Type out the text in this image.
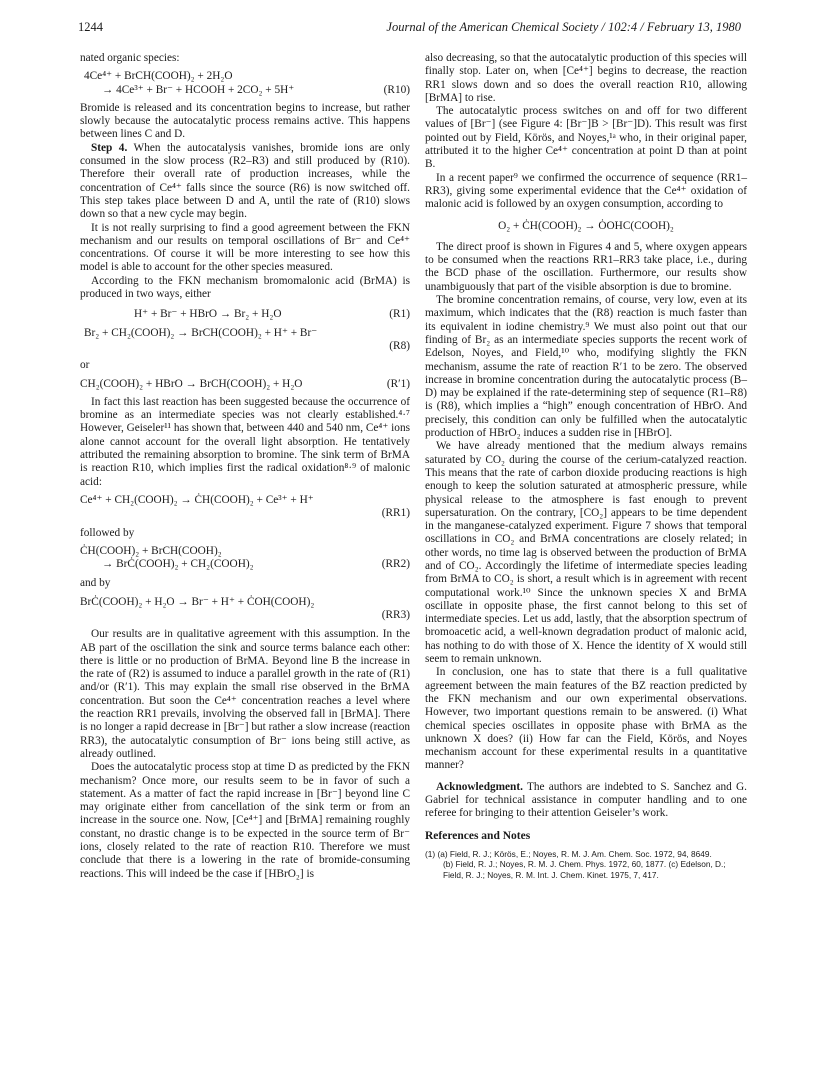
1244	Journal of the American Chemical Society / 102:4 / February 13, 1980

nated organic species:

4Ce⁴⁺ + BrCH(COOH)₂ + 2H₂O
→ 4Ce³⁺ + Br⁻ + HCOOH + 2CO₂ + 5H⁺	(R10)

Bromide is released and its concentration begins to increase, but rather slowly because the autocatalytic process remains active. This happens between lines C and D.

Step 4. When the autocatalysis vanishes, bromide ions are only consumed in the slow process (R2–R3) and still produced by (R10). Therefore their overall rate of production increases, while the concentration of Ce⁴⁺ falls since the source (R6) is now switched off. This step takes place between D and A, until the rate of (R10) slows down so that a new cycle may begin.

It is not really surprising to find a good agreement between the FKN mechanism and our results on temporal oscillations of Br⁻ and Ce⁴⁺ concentrations. Of course it will be more interesting to see how this model is able to account for the other species measured.

According to the FKN mechanism bromomalonic acid (BrMA) is produced in two ways, either

H⁺ + Br⁻ + HBrO → Br₂ + H₂O	(R1)
Br₂ + CH₂(COOH)₂ → BrCH(COOH)₂ + H⁺ + Br⁻
(R8)

or

CH₂(COOH)₂ + HBrO → BrCH(COOH)₂ + H₂O	(R′1)

In fact this last reaction has been suggested because the occurrence of bromine as an intermediate species was not clearly established.⁴·⁷ However, Geiseler¹¹ has shown that, between 440 and 540 nm, Ce⁴⁺ ions alone cannot account for the overall light absorption. He tentatively attributed the remaining absorption to bromine. The sink term of BrMA is reaction R10, which implies first the radical oxidation⁸·⁹ of malonic acid:

Ce⁴⁺ + CH₂(COOH)₂ → ĊH(COOH)₂ + Ce³⁺ + H⁺
(RR1)

followed by

ĊH(COOH)₂ + BrCH(COOH)₂
→ BrĊ(COOH)₂ + CH₂(COOH)₂	(RR2)

and by

BrĊ(COOH)₂ + H₂O → Br⁻ + H⁺ + ĊOH(COOH)₂
(RR3)

Our results are in qualitative agreement with this assumption. In the AB part of the oscillation the sink and source terms balance each other: there is little or no production of BrMA. Beyond line B the increase in the rate of (R2) is assumed to induce a parallel growth in the rate of (R1) and/or (R′1). This may explain the small rise observed in the BrMA concentration. But soon the Ce⁴⁺ concentration reaches a level where the reaction RR1 prevails, involving the observed fall in [BrMA]. There is no longer a rapid decrease in [Br⁻] but rather a slow increase (reaction RR3), the autocatalytic consumption of Br⁻ ions being still active, as already outlined.

Does the autocatalytic process stop at time D as predicted by the FKN mechanism? Once more, our results seem to be in favor of such a statement. As a matter of fact the rapid increase in [Br⁻] beyond line C may originate either from cancellation of the sink term or from an increase in the source one. Now, [Ce⁴⁺] and [BrMA] remaining roughly constant, no drastic change is to be expected in the source term of Br⁻ ions, closely related to the rate of reaction R10. Therefore we must conclude that there is a lowering in the rate of bromide-consuming reactions. This will indeed be the case if [HBrO₂] is

also decreasing, so that the autocatalytic production of this species will finally stop. Later on, when [Ce⁴⁺] begins to decrease, the reaction RR1 slows down and so does the overall reaction R10, allowing [BrMA] to rise.

The autocatalytic process switches on and off for two different values of [Br⁻] (see Figure 4: [Br⁻]B > [Br⁻]D). This result was first pointed out by Field, Körös, and Noyes,¹ᵃ who, in their original paper, attributed it to the higher Ce⁴⁺ concentration at point D than at point B.

In a recent paper⁹ we confirmed the occurrence of sequence (RR1–RR3), giving some experimental evidence that the Ce⁴⁺ oxidation of malonic acid is followed by an oxygen consumption, according to

O₂ + ĊH(COOH)₂ → ȮOHC(COOH)₂

The direct proof is shown in Figures 4 and 5, where oxygen appears to be consumed when the reactions RR1–RR3 take place, i.e., during the BCD phase of the oscillation. Furthermore, our results show unambiguously that part of the visible absorption is due to bromine.

The bromine concentration remains, of course, very low, even at its maximum, which indicates that the (R8) reaction is much faster than its equivalent in iodine chemistry.⁹ We must also point out that our finding of Br₂ as an intermediate species supports the recent work of Edelson, Noyes, and Field,¹⁰ who, modifying slightly the FKN mechanism, assume the rate of reaction R′1 to be zero. The observed increase in bromine concentration during the autocatalytic process (B–D) may be explained if the rate-determining step of sequence (R1–R8) is (R8), which implies a “high” enough concentration of HBrO. And precisely, this condition can only be fulfilled when the autocatalytic production of HBrO₂ induces a sudden rise in [HBrO].

We have already mentioned that the medium always remains saturated by CO₂ during the course of the cerium-catalyzed reaction. This means that the rate of carbon dioxide producing reactions is high enough to keep the solution saturated at atmospheric pressure, while physical release to the atmosphere is fast enough to prevent supersaturation. On the contrary, [CO₂] appears to be time dependent in the manganese-catalyzed experiment. Figure 7 shows that temporal oscillations in CO₂ and BrMA concentrations are closely related; in other words, no time lag is observed between the production of BrMA and of CO₂. Accordingly the lifetime of intermediate species leading from BrMA to CO₂ is short, a result which is in agreement with recent computational work.¹⁰ Since the unknown species X and BrMA oscillate in opposite phase, the first cannot belong to this set of intermediate species. Let us add, lastly, that the absorption spectrum of bromoacetic acid, a well-known degradation product of malonic acid, has nothing to do with those of X. Hence the identity of X would still seem to remain unknown.

In conclusion, one has to state that there is a full qualitative agreement between the main features of the BZ reaction predicted by the FKN mechanism and our own experimental observations. However, two important questions remain to be answered. (i) What chemical species oscillates in opposite phase with BrMA as the unknown X does? (ii) How far can the Field, Körös, and Noyes mechanism account for these experimental results in a quantitative manner?

Acknowledgment. The authors are indebted to S. Sanchez and G. Gabriel for technical assistance in computer handling and to one referee for bringing to their attention Geiseler’s work.

References and Notes
(1) (a) Field, R. J.; Körös, E.; Noyes, R. M. J. Am. Chem. Soc. 1972, 94, 8649.
(b) Field, R. J.; Noyes, R. M. J. Chem. Phys. 1972, 60, 1877. (c) Edelson, D.; Field, R. J.; Noyes, R. M. Int. J. Chem. Kinet. 1975, 7, 417.
